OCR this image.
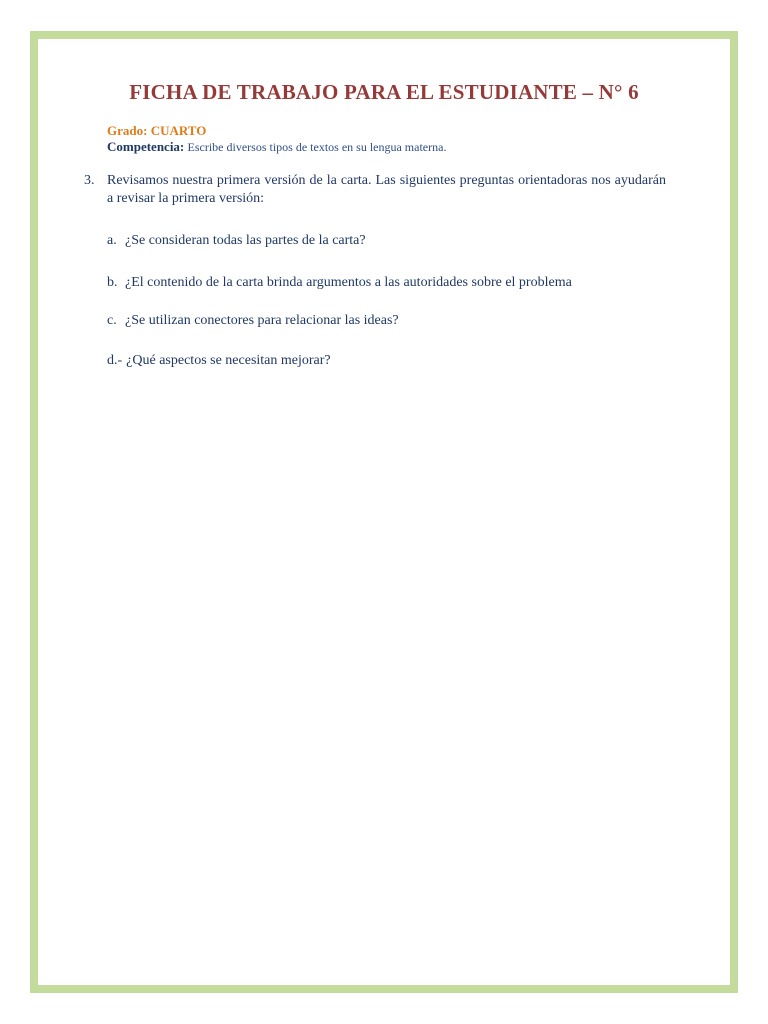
FICHA DE TRABAJO PARA EL ESTUDIANTE – N° 6
Grado: CUARTO
Competencia: Escribe diversos tipos de textos en su lengua materna.
3. Revisamos nuestra primera versión de la carta. Las siguientes preguntas orientadoras nos ayudarán a revisar la primera versión:
a. ¿Se consideran todas las partes de la carta?
b. ¿El contenido de la carta brinda argumentos a las autoridades sobre el problema
c. ¿Se utilizan conectores para relacionar las ideas?
d.- ¿Qué aspectos se necesitan mejorar?
